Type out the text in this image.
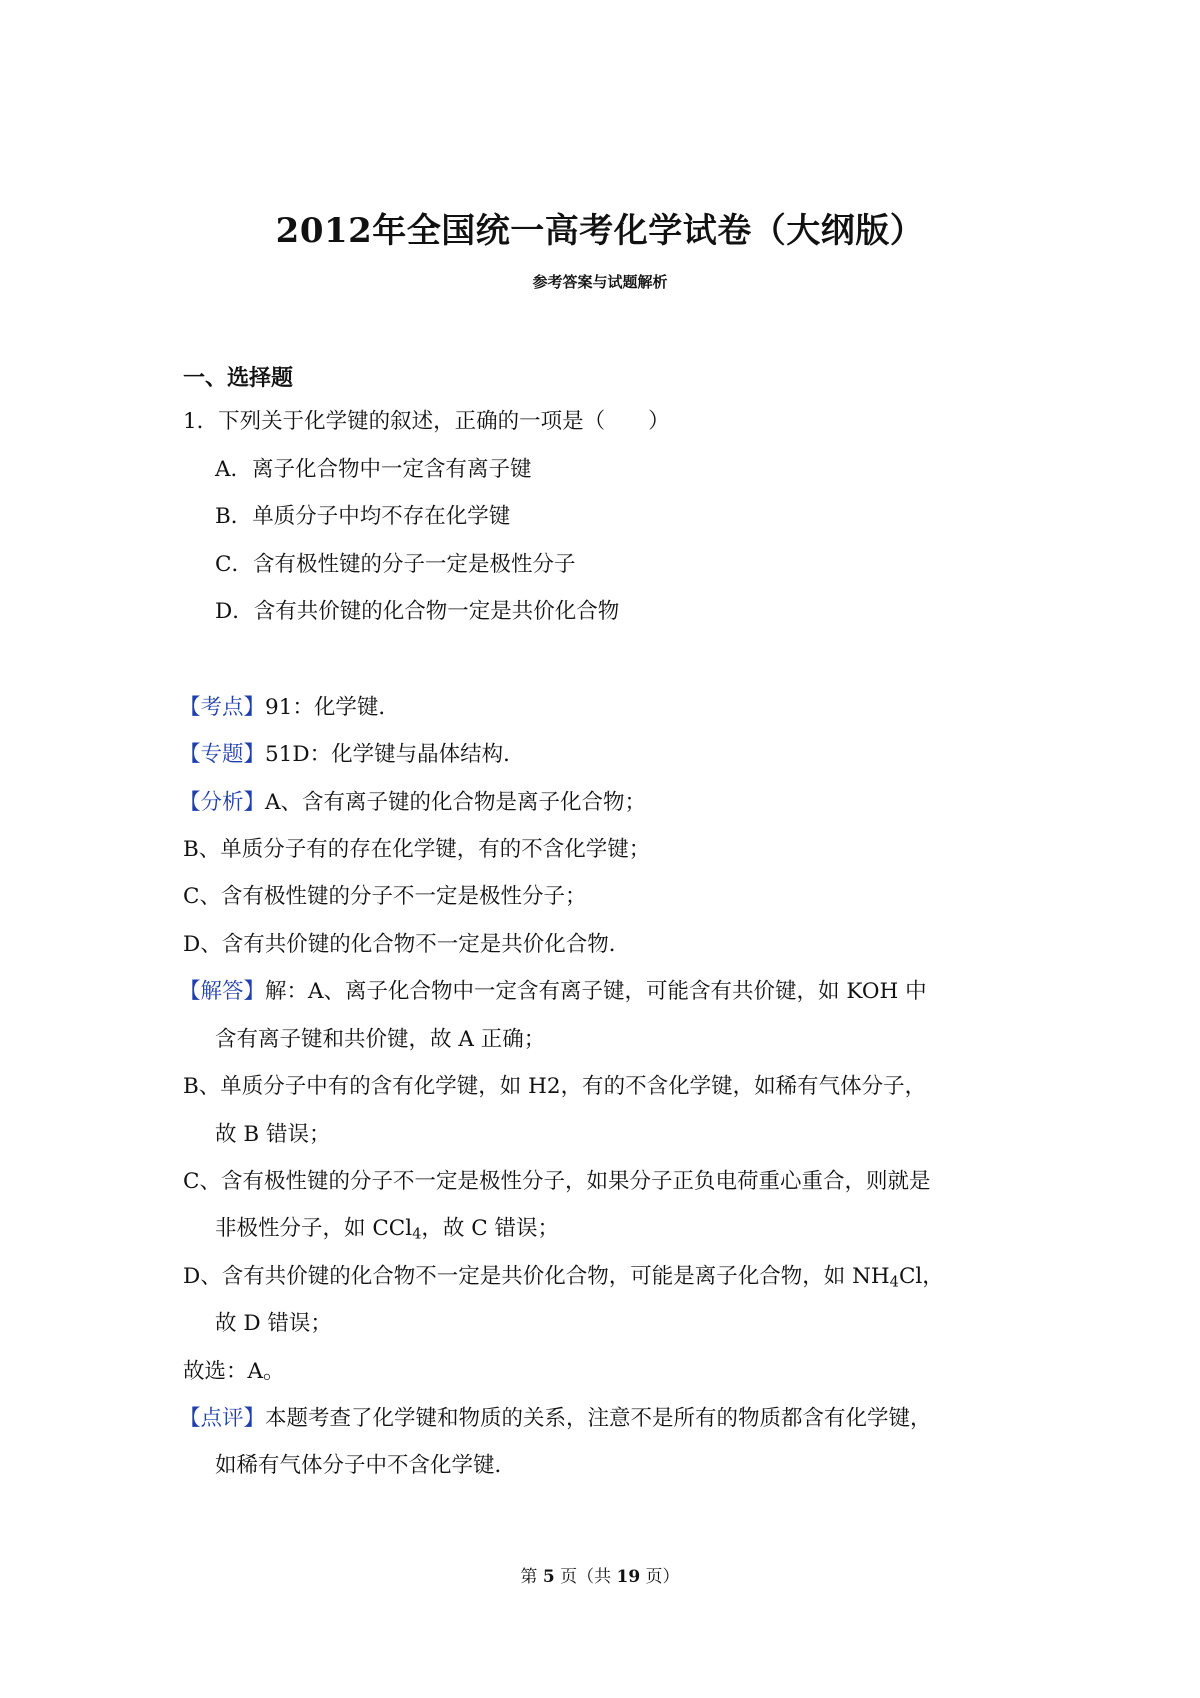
2012年全国统一高考化学试卷（大纲版）
参考答案与试题解析
一、选择题
1．下列关于化学键的叙述，正确的一项是（　　）
A．离子化合物中一定含有离子键
B．单质分子中均不存在化学键
C．含有极性键的分子一定是极性分子
D．含有共价键的化合物一定是共价化合物
【考点】91：化学键．
【专题】51D：化学键与晶体结构．
【分析】A、含有离子键的化合物是离子化合物；
B、单质分子有的存在化学键，有的不含化学键；
C、含有极性键的分子不一定是极性分子；
D、含有共价键的化合物不一定是共价化合物．
【解答】解：A、离子化合物中一定含有离子键，可能含有共价键，如 KOH 中
含有离子键和共价键，故 A 正确；
B、单质分子中有的含有化学键，如 H2，有的不含化学键，如稀有气体分子，
故 B 错误；
C、含有极性键的分子不一定是极性分子，如果分子正负电荷重心重合，则就是
非极性分子，如 CCl$_4$，故 C 错误；
D、含有共价键的化合物不一定是共价化合物，可能是离子化合物，如 $NH_4Cl$，
故 D 错误；
故选：A。
【点评】本题考查了化学键和物质的关系，注意不是所有的物质都含有化学键，
如稀有气体分子中不含化学键．
第 5 页（共 19 页）
